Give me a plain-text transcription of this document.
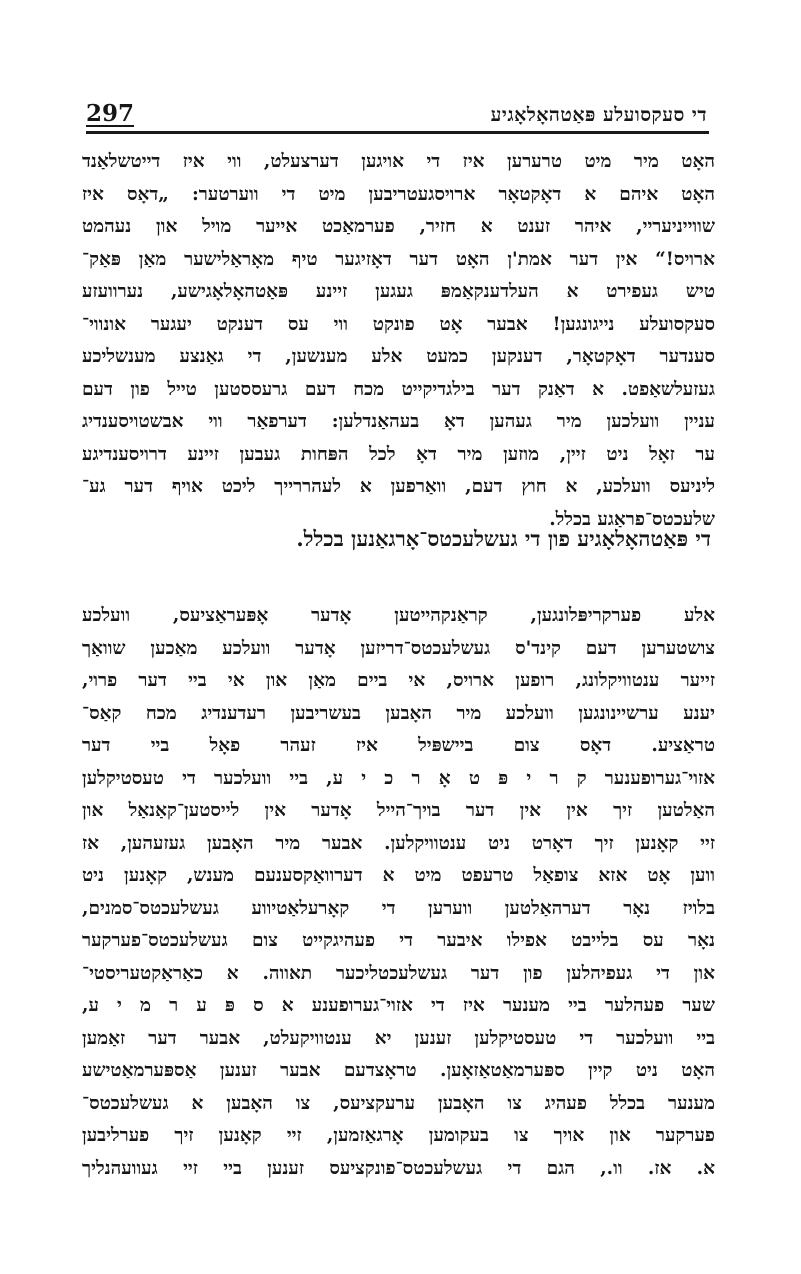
די סעקסועלע פּאַטהאָלאָגיע
297
האָט מיר מיט טרערען איז די אויגען דערצעלט, ווי איז דייטשלאַנד
האָט איהם א דאָקטאָר ארויסגעטריבען מיט די ווערטער: „דאָס איז
שווייניעריי, איהר זענט א חזיר, פערמאַכט אייער מויל און נעהמט
ארויס!“ אין דער אמת'ן האָט דער דאָזיגער טיף מאָראַלישער מאַן פּאַק־
טיש געפירט א העלדענקאַמפּ געגען זיינע פּאַטהאָלאָגישע, נערוועזע
סעקסועלע נייגונגען! אבער אָט פונקט ווי עס דענקט יעגער אונווי־
סענדער דאָקטאָר, דענקען כמעט אלע מענשען, די גאַנצע מענשליכע
געזעלשאַפט. א דאַנק דער בילגדיקייט מכח דעם גרעססטען טייל פון דעם
עניין וועלכען מיר געהען דאָ בעהאַנדלען: דערפאַר ווי אבשטויסענדיג
ער זאָל ניט זיין, מוזען מיר דאָ לכל הפּחות געבען זיינע דרויסענדיגע
ליניעס וועלכע, א חוץ דעם, וואַרפען א לעהררייך ליכט אויף דער גע־
שלעכטס־פראַגע בכלל.
די פּאַטהאָלאָגיע פון די געשלעכטס־אָרגאַנען בכלל.
אלע פערקריפּלונגען, קראַנקהייטען אָדער אָפּעראַציעס, וועלכע
צושטערען דעם קינד'ס געשלעכטס־דריזען אָדער וועלכע מאַכען שוואַך
זייער ענטוויקלונג, רופען ארויס, אי ביים מאַן און אי ביי דער פרוי,
יענע ערשיינונגען וועלכע מיר האָבען בעשריבען רעדענדיג מכח קאַס־
טראַציע. דאָס צום ביישפּיל איז זעהר פאָל ביי דער
אזוי־גערופענער ק ר י פּ ט אָ ר כ י ע, ביי וועלכער די טעסטיקלען
האַלטען זיך אין אין דער בויך־הייל אָדער אין לייסטען־קאַנאַל און
זיי קאָנען זיך דאָרט ניט ענטוויקלען. אבער מיר האָבען געזעהען, אז
ווען אָט אזא צופאַל טרעפט מיט א דערוואַקסענעם מענש, קאָנען ניט
בלויז נאָר דערהאַלטען ווערען די קאָרעלאַטיווע געשלעכטס־סמנים,
נאָר עס בלייבט אפילו איבער די פעהיגקייט צום געשלעכטס־פערקער
און די געפיהלען פון דער געשלעכטליכער תאווה. א כאַראַקטעריסטי־
שער פעהלער ביי מענער איז די אזוי־גערופענע א ס פּ ע ר מ י ע,
ביי וועלכער די טעסטיקלען זענען יא ענטוויקעלט, אבער דער זאַמען
האָט ניט קיין ספּערמאַטאַזאָען. טראָצדעם אבער זענען אַספּערמאַטישע
מענער בכלל פעהיג צו האָבען ערעקציעס, צו האָבען א געשלעכטס־
פערקער און אויך צו בעקומען אָרגאַזמען, זיי קאָנען זיך פערליבען
א. אז. וו., הגם די געשלעכטס־פונקציעס זענען ביי זיי געוועהנליך
